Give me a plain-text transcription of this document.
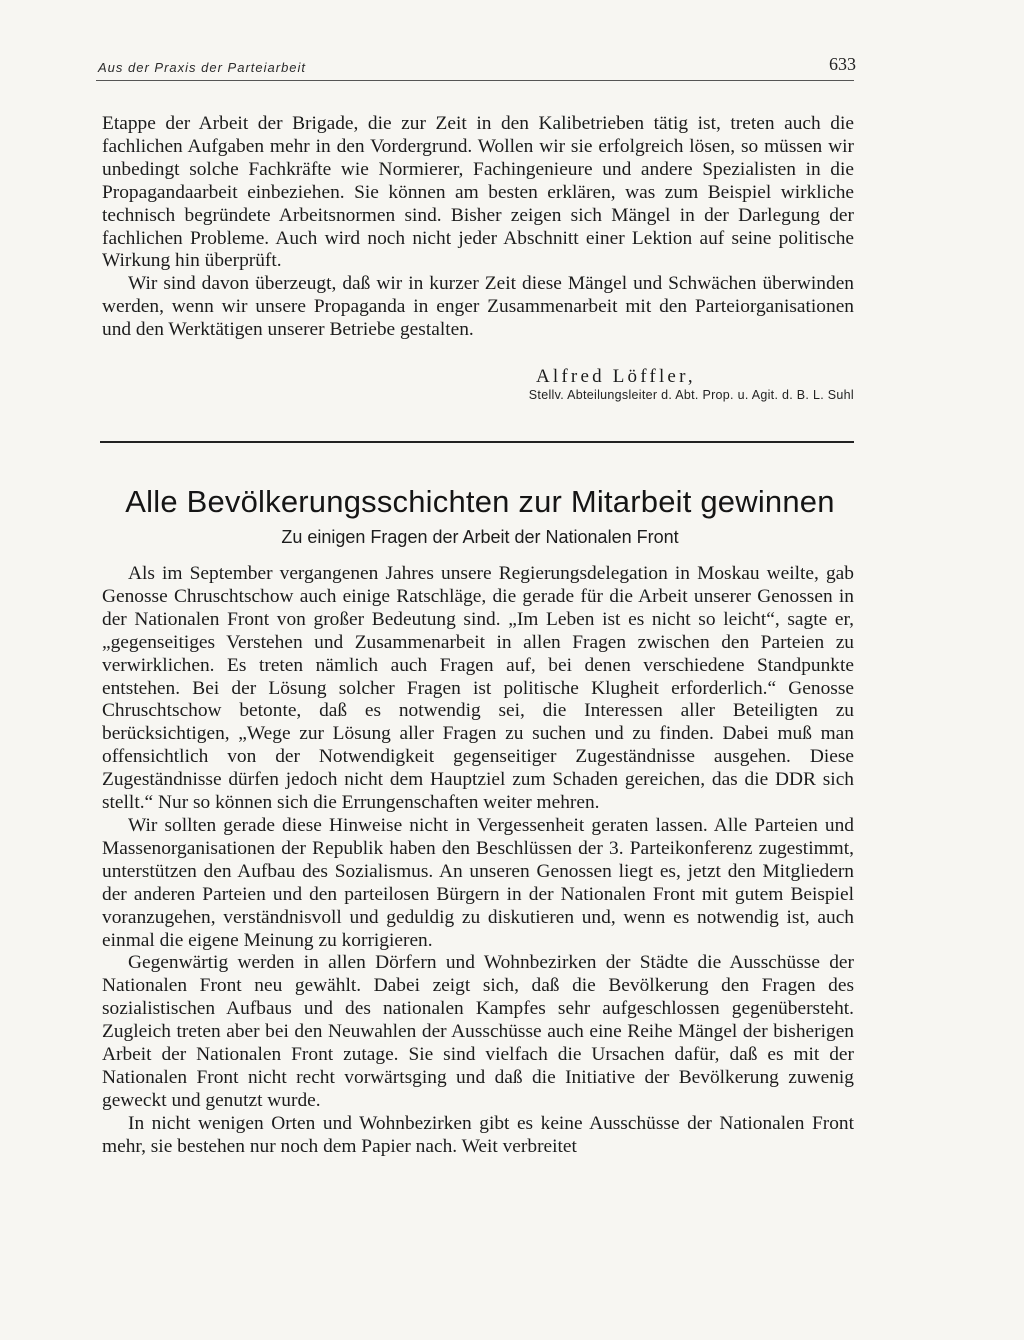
Aus der Praxis der Parteiarbeit	633

Etappe der Arbeit der Brigade, die zur Zeit in den Kalibetrieben tätig ist, treten auch die fachlichen Aufgaben mehr in den Vordergrund. Wollen wir sie erfolgreich lösen, so müssen wir unbedingt solche Fachkräfte wie Normierer, Fachingenieure und andere Spezialisten in die Propagandaarbeit einbeziehen. Sie können am besten erklären, was zum Beispiel wirkliche technisch begründete Arbeitsnormen sind. Bisher zeigen sich Mängel in der Darlegung der fachlichen Probleme. Auch wird noch nicht jeder Abschnitt einer Lektion auf seine politische Wirkung hin überprüft.

Wir sind davon überzeugt, daß wir in kurzer Zeit diese Mängel und Schwächen überwinden werden, wenn wir unsere Propaganda in enger Zusammenarbeit mit den Parteiorganisationen und den Werktätigen unserer Betriebe gestalten.

Alfred Löffler,
Stellv. Abteilungsleiter d. Abt. Prop. u. Agit. d. B. L. Suhl
Alle Bevölkerungsschichten zur Mitarbeit gewinnen
Zu einigen Fragen der Arbeit der Nationalen Front

Als im September vergangenen Jahres unsere Regierungsdelegation in Moskau weilte, gab Genosse Chruschtschow auch einige Ratschläge, die gerade für die Arbeit unserer Genossen in der Nationalen Front von großer Bedeutung sind. „Im Leben ist es nicht so leicht“, sagte er, „gegenseitiges Verstehen und Zusammenarbeit in allen Fragen zwischen den Parteien zu verwirklichen. Es treten nämlich auch Fragen auf, bei denen verschiedene Standpunkte entstehen. Bei der Lösung solcher Fragen ist politische Klugheit erforderlich.“ Genosse Chruschtschow betonte, daß es notwendig sei, die Interessen aller Beteiligten zu berücksichtigen, „Wege zur Lösung aller Fragen zu suchen und zu finden. Dabei muß man offensichtlich von der Notwendigkeit gegenseitiger Zugeständnisse ausgehen. Diese Zugeständnisse dürfen jedoch nicht dem Hauptziel zum Schaden gereichen, das die DDR sich stellt.“ Nur so können sich die Errungenschaften weiter mehren.

Wir sollten gerade diese Hinweise nicht in Vergessenheit geraten lassen. Alle Parteien und Massenorganisationen der Republik haben den Beschlüssen der 3. Parteikonferenz zugestimmt, unterstützen den Aufbau des Sozialismus. An unseren Genossen liegt es, jetzt den Mitgliedern der anderen Parteien und den parteilosen Bürgern in der Nationalen Front mit gutem Beispiel voranzugehen, verständnisvoll und geduldig zu diskutieren und, wenn es notwendig ist, auch einmal die eigene Meinung zu korrigieren.

Gegenwärtig werden in allen Dörfern und Wohnbezirken der Städte die Ausschüsse der Nationalen Front neu gewählt. Dabei zeigt sich, daß die Bevölkerung den Fragen des sozialistischen Aufbaus und des nationalen Kampfes sehr aufgeschlossen gegenübersteht. Zugleich treten aber bei den Neuwahlen der Ausschüsse auch eine Reihe Mängel der bisherigen Arbeit der Nationalen Front zutage. Sie sind vielfach die Ursachen dafür, daß es mit der Nationalen Front nicht recht vorwärtsging und daß die Initiative der Bevölkerung zuwenig geweckt und genutzt wurde.

In nicht wenigen Orten und Wohnbezirken gibt es keine Ausschüsse der Nationalen Front mehr, sie bestehen nur noch dem Papier nach. Weit verbreitet
